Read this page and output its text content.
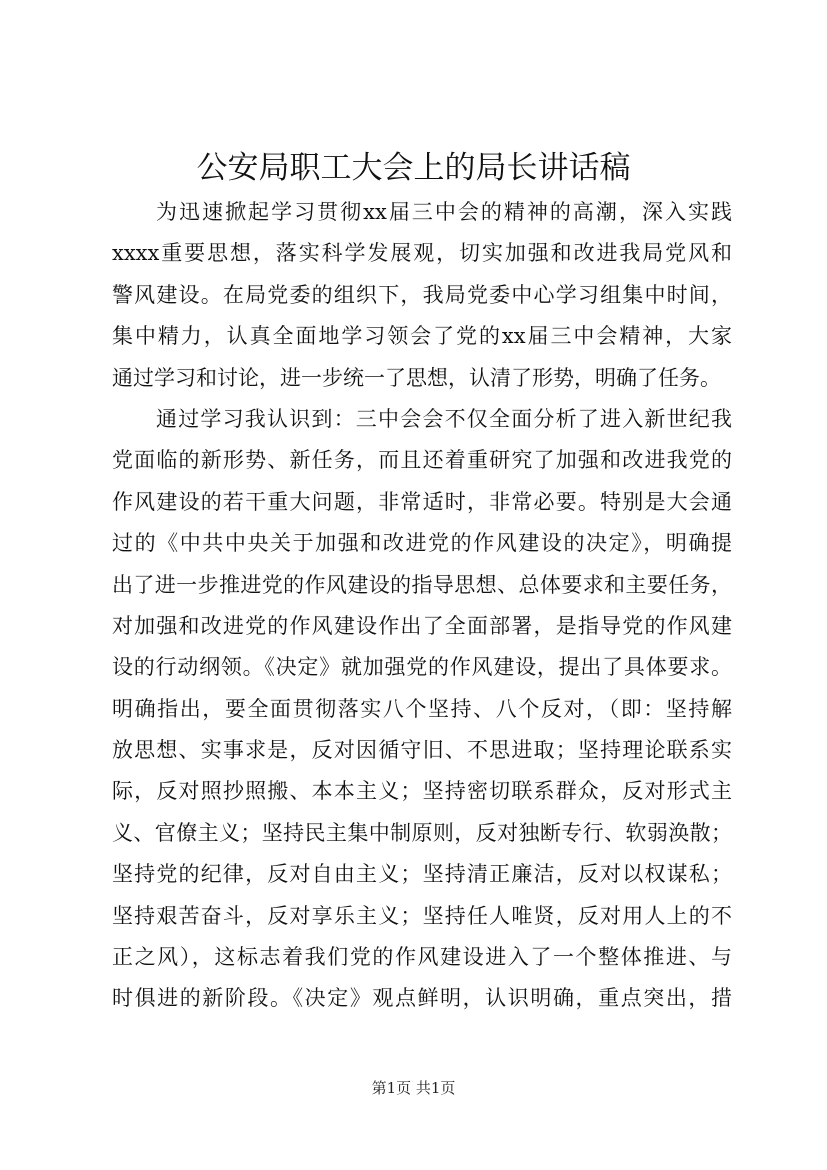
公安局职工大会上的局长讲话稿
为迅速掀起学习贯彻xx届三中会的精神的高潮，深入实践
xxxx重要思想，落实科学发展观，切实加强和改进我局党风和
警风建设。在局党委的组织下，我局党委中心学习组集中时间，
集中精力，认真全面地学习领会了党的xx届三中会精神，大家
通过学习和讨论，进一步统一了思想，认清了形势，明确了任务。
通过学习我认识到：三中会会不仅全面分析了进入新世纪我
党面临的新形势、新任务，而且还着重研究了加强和改进我党的
作风建设的若干重大问题，非常适时，非常必要。特别是大会通
过的《中共中央关于加强和改进党的作风建设的决定》，明确提
出了进一步推进党的作风建设的指导思想、总体要求和主要任务，
对加强和改进党的作风建设作出了全面部署，是指导党的作风建
设的行动纲领。《决定》就加强党的作风建设，提出了具体要求。
明确指出，要全面贯彻落实八个坚持、八个反对，（即：坚持解
放思想、实事求是，反对因循守旧、不思进取；坚持理论联系实
际，反对照抄照搬、本本主义；坚持密切联系群众，反对形式主
义、官僚主义；坚持民主集中制原则，反对独断专行、软弱涣散；
坚持党的纪律，反对自由主义；坚持清正廉洁，反对以权谋私；
坚持艰苦奋斗，反对享乐主义；坚持任人唯贤，反对用人上的不
正之风），这标志着我们党的作风建设进入了一个整体推进、与
时俱进的新阶段。《决定》观点鲜明，认识明确，重点突出，措
第1页 共1页
